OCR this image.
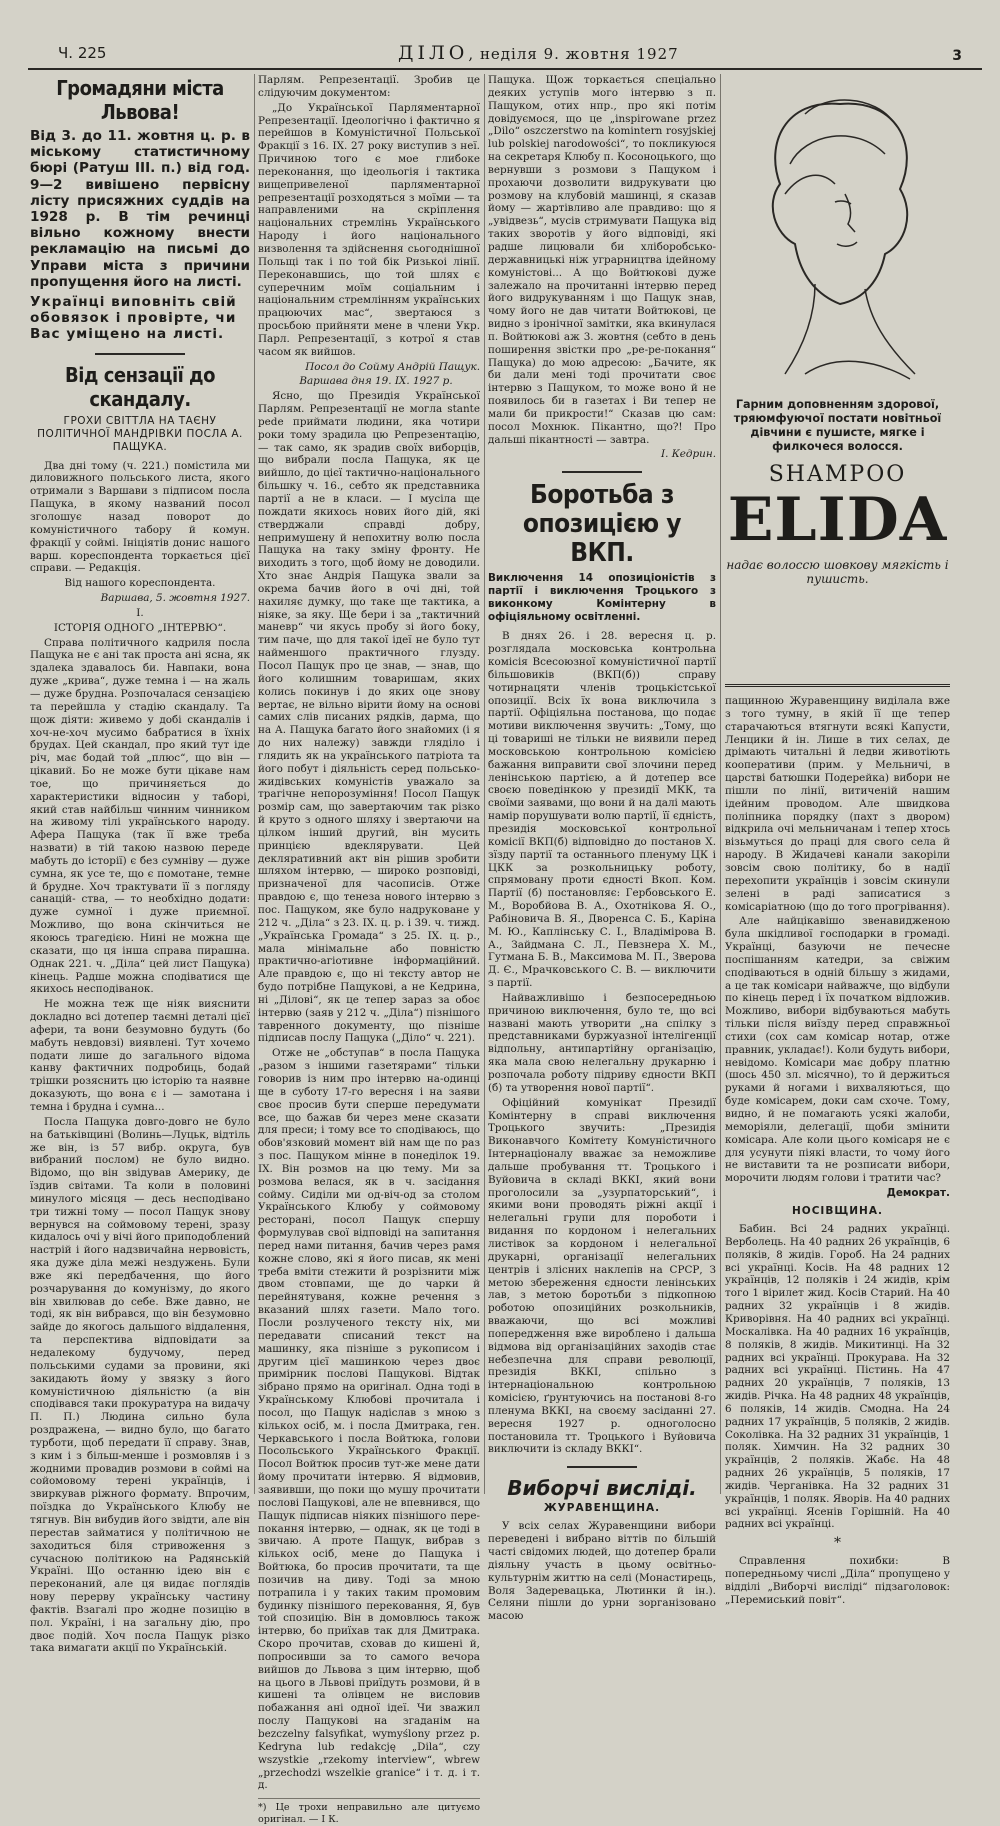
Ч. 225	ДІЛО, неділя 9. жовтня 1927	3
Громадяни міста Львова!
Від 3. до 11. жовтня ц. р. в міському статистичному бюрі (Ратуш III. п.) від год. 9—2 вивішено первісну лісту присяжних суддів на 1928 р. В тім речинці вільно кожному внести рекламацію на письмі до Управи міста з причини пропущення його на листі.
Українці виповніть свій обовязок і провірте, чи Вас умiщено на листі.
Від сензації до скандалу.
ГРОХИ СВІТТЛА НА ТАЄНУ ПОЛІТИЧНОЇ МАНДРІВКИ ПОСЛА А. ПАЩУКА.

Два дні тому (ч. 221.) помістила ми диловижного польського листа, якого отримали з Варшави з підписом посла Пащука, в якому названий посол зголошує назад поворот до комуністичного табору й комун. фракції у соймі. Ініціятів донис нашого варш. кореспондента торкається цієї справи. — Редакція.

Від нашого кореспондента.

Варшава, 5. жовтня 1927.

І.

ІСТОРІЯ ОДНОГО „ІНТЕРВЮ“.

Справа політичного кадриля посла Пащука не є ані так проста ані ясна, як здалека здавалось би. Навпаки, вона дуже „крива“, дуже темна і — на жаль — дуже брудна. Розпочалася сензацією та перейшла у стадію скандалу. Та щож діяти: живемо у добі скандалів і хоч-не-хоч мусимо бабратися в їхніх брудах. Цей скандал, про який тут іде річ, має бодай той „плюс“, що він — цікавий. Бо не може бути цікаве нам тое, що причиняється до характеристики відносин у таборі, який став найбільш чинним чинником на живому тілі українського народу. Афера Пащука (так її вже треба назвати) в тій такою назвою переде мабуть до історії) є без сумніву — дуже сумна, як усе те, що є помотане, темне й брудне. Хоч трактувати її з погляду санацій- ства, — то необхідно додати: дуже сумної і дуже приємної. Можливо, що вона скінчиться не якоюсь трагедією. Нині не можна ще сказати, що ця інша справа пирашна. Однак 221. ч. „Діла“ цей лист Пащука) кінець. Радше можна сподіватися ще якихось несподіванок.

Не можна теж ще ніяк вияснити докладно всі дотепер таємні деталі цієї афери, та вони безумовно будуть (бо мабуть невдовзі) виявлені. Тут хочемо подати лише до загального відома канву фактичних подробиць, бодай трішки розяснить цю історію та наявне доказують, що вона є і — замотана і темна і брудна і сумна...

Посла Пащука довго-довго не було на батьківщині (Волинь—Луцьк, відтіль же він, із 57 вибр. округа, був вибраний послом) не було видно. Відомо, що він звідував Америку, де їздив світами. Та коли в половині минулого місяця — десь несподівано три тижні тому — посол Пащук знову вернувся на соймовому терені, зразу кидалось очі у вічі його приподоблений настрій і його надзвичайна нервовість, яка дуже діла межі нездужень. Були вже які передбачення, що його розчарування до комунізму, до якого він хвилював до себе. Вже давно, не тоді, як він вибрався, що він безумовно зайде до якогось дальшого віддалення, та перспектива відповідати за недалекому будучому, перед польськими судами за провини, які закидають йому у звязку з його комуністичною діяльністю (а він сподівався таки прокуратура на видачу П. П.) Людина сильно була роздражена, — видно було, що багато турботи, щоб передати її справу. Знав, з ким і з більш-менше і розмовляв і з жодними провадив розмови в соймі на сойомовому терені українців, і звиркував ріжного формату. Впрочим, поїздка до Українського Клюбу не тягнув. Він вибудив його звідти, але він перестав займатися у політичною не заходиться біля стривоження з сучасною політикою на Радянській Україні. Що останню ідею він є переконаний, але ця видає поглядів нову перерву українську частину фактів. Взагалі про жодне позицію в пол. Україні, і на загальну дію, про двоє подій. Хоч посла Пащук різко така вимагати акції по Українській.

Парлям. Репрезентації. Зробив це слідуючим документом:

„До Української Парляментарної Репрезентації. Ідеологічно і фактично я перейшов в Комуністичної Польської Фракції з 16. ІХ. 27 року виступив з неї. Причиною того є мое глибоке переконання, що ідеольогія і тактика вищепривеленої парляментарної репрезентації розходяться з моїми — та направленими на скріплення національних стремлінь Українського Народу і його національного визволення та здійснення сьогоднішної Польщі так і по той бік Ризькоі лінії. Переконавшись, що той шлях є суперечним моїм соціальним і національним стремлінням українських працюючих мас“, звертаюся з просьбою прийняти мене в члени Укр. Парл. Репрезентації, з котрої я став часом як вийшов.

Посол до Сойму Андрій Пащук.

Варшава дня 19. ІХ. 1927 р.

Ясно, що Президія Української Парлям. Репрезентації не могла stante pede приймати людини, яка чотири роки тому зрадила цю Репрезентацію, — так само, як зрадив своїх виборців, що вибрали посла Пащука, як це вийшло, до цієї тактично-національного більшку ч. 16., себто як представника партії а не в класи. — І мусіла ще пождати якихось нових його дій, які стверджали справді добру, непримушену й непохитну волю посла Пащука на таку зміну фронту. Не виходить з того, щоб йому не доводили. Хто знає Андрія Пащука звали за окрема бачив його в очі дні, той нахиляє думку, що таке ще тактика, а ніяке, за яку. Ще бери і за „тактичний маневр“ чи якусь пробу зі його боку, тим паче, що для такої ідеї не було тут найменшого практичного глузду. Посол Пащук про це знав, — знав, що його колишним товаришам, яких колись покинув і до яких оце знову вертає, не вільно вірити йому на основі самих слів писаних рядків, дарма, що на А. Пащука багато його знайомих (і я до них належу) завжди глядiло і глядить як на українського патріота та його побут і діяльність серед польсько-жидівських комуністів уважало за трагічне непорозуміння! Посол Пащук розмір сам, що завертаючим так різко й круто з одного шляху і звертаючи на цілком інший другий, він мусить принцією вдеклярувати. Цей декляративний акт він рішив зробити шляхом інтервю, — широко розповіді, призначеної для часописів. Отже правдою є, що тенеза нового інтервю з пос. Пащуком, яке було надруковане у 212 ч. „Діла“ з 23. IX. ц. р. і 39. ч. тижд. „Українська Громада“ з 25. IX. ц. р., мала мінімальне або повністю практично-агіотивне інформаційний. Але правдою є, що ні тексту автор не будо потрібне Пащукові, а не Кедрина, ні „Ділові“, як це тепер зараз за обоє інтервю (заяв у 212 ч. „Діла“) пізнішого тавренного документу, що пізніше підписав послу Пащука („Діло“ ч. 221).

Отже не „обступав“ в посла Пащука „разом з іншими газетярами“ тільки говорив із ним про інтервю на-одинці ще в суботу 17-го вересня і на заяви своє просив бути сперше передумати все, що бажав би через мене сказати для преси; і тому все то сподіваюсь, що обов'язковий момент вій нам ще по раз з пос. Пащуком мінне в понеділок 19. ІХ. Він розмов на цю тему. Ми за розмова велася, як в ч. засідання сойму. Сиділи ми од-віч-од за столом Українського Клюбу у соймовому ресторані, посол Пащук спершу формулував свої відповіді на запитання перед нами питання, бачив через рамя кожне слово, які я його писав, як мені треба вміти стежити й розрізнити між двом стовпами, ще до чарки й перейнятуваня, кожне речення з вказаний шлях газети. Мало того. Посли розлученого тексту ніх, ми передавати списаний текст на машинку, яка пізніше з рукописом і другим цієї машинкою через двоє примірник послові Пащукові. Відтак зібрано прямо на оригінал. Одна тоді в Українському Клюбові прочитала і посол, що Пащук надіслав з мною з кількох осіб, м. і посла Дмитрака, ген. Черкавського і посла Войтюка, голови Посольського Українського Фракції. Посол Войтюк просив тут-же мене дати йому прочитати інтервю. Я відмовив, заявивши, що поки що мушу прочитати послові Пащукові, але не впевнився, що Пащук підписав ніяких пізнішого пере-покання інтервю, — однак, як це тоді в звичаю. А проте Пащук, вибрав з кількох осіб, мене до Пащука і Войтюка, бо просив прочитати, та ще позичив на диву. Тоді за мною потрапила і у таких таким промовим будинку пізнішого перековання, Я, був той спозицію. Він в домовлюсь також інтервю, бо приїхав так для Дмитрака. Скоро прочитав, сховав до кишені й, попросивши за то самого вечора вийшов до Львова з цим інтервю, щоб на цього в Львові приїдуть розмови, й в кишені та олівцем не висловив побажання ані одної ідеї. Чи зважил послу Пащукові на згаданім на bezczelny falsyfikat, wymyślony przez p. Kedryna lub redakcję „Dila“, czy wszystkie „rzekomy interview“, wbrew „przechodzi wszelkie granice“ і т. д. і т. д.

*) Це трохи неправильно але цитуємо оригінал. — І К.

Пащука. Щож торкається спеціально деяких уступів мого інтервю з п. Пащуком, отих нпр., про які потім довідуємося, що це „inspirowane przez „Dilo“ oszczerstwo na komintern rosyjskiej lub polskiej narodowości“, то покликуюся на секретаря Клюбу п. Косоноцького, що вернувши з розмови з Пащуком і прохаючи дозволити видрукувати цю розмову на клубовій машинці, я сказав йому — жартівливо але правдиво: що я „увідвезь“, мусів стримувати Пащука від таких зворотів у його відповіді, які радше лицювали би хліборобсько-державницькі ніж уграрництва ідейному комуністові... А що Войтюкові дуже залежало на прочитанні інтервю перед його видрукуванням і що Пащук знав, чому його не дав читати Войтюкові, це видно з іронічної замітки, яка вкинулася п. Войтюкові аж 3. жовтня (себто в день поширення звістки про „ре-ре-покання“ Пащука) до мою адресою: „Бачите, як би дали мені тоді прочитати своє інтервю з Пащуком, то може воно й не появилось би в газетах і Ви тепер не мали би прикрости!“ Сказав цю сам: посол Мохнюк. Пікантно, що?! Про дальші пікантності — завтра.

І. Кедрин.

Боротьба з опозицією у ВКП.
Виключення 14 опозиціоністів з партії і виключення Троцького з виконкому Комінтерну в офіціяльному освітленні.

В днях 26. і 28. вересня ц. р. розглядала московська контрольна комісія Всесоюзної комуністичної партії більшовиків (ВКП(б)) справу чотирнацяти членів троцькістської опозиції. Всіх їх вона виключила з партії. Офіціяльна постанова, що подає мотиви виключення звучить: „Тому, що ці товариші не тільки не виявили перед московською контрольною комісією бажання виправити свої злочини перед ленінською партією, а й дотепер все своєю поведінкою у президії МКК, та своїми заявами, що вони й на далі мають намір порушувати волю партії, її єдність, президія московської контрольної комісії ВКП(б) відповідно до постанов Х. зїзду партії та останнього пленуму ЦК і ЦКК за розкольницьку роботу, спрямовану проти єдності Вкоп. Ком. Партії (б) постановляє: Гербовського Е. М., Воробйова В. А., Охотнікова Я. О., Рабіновича В. Я., Двоpeнса С. Б., Каріна М. Ю., Каплінську С. І., Владімірова В. А., Зайдмана С. Л., Певзнера Х. М., Гутмана Б. В., Максимова М. П., Зверова Д. Є., Мрачковського С. В. — виключити з партії.

Найважливішо і безпосередньою причиною виключення, було те, що всі названі мають утворити „на спілку з представниками буржуазної інтелігенції відпольну, антипартійну організацію, яка мала свою нелегальну друкарню і розпочала роботу підриву єдности ВКП (б) та утворення нової партії“.

Офіційний комунікат Президії Комінтерну в справі виключення Троцького звучить: „Президія Виконавчого Комітету Комуністичного Інтернаціоналу вважає за неможливе дальше пробування тт. Троцького і Вуйовича в складі ВККІ, який вони проголосили за „узурпаторський“, і якими вони проводять ріжні акції і нелегальні групи для пороботи і видання по кордоном і нелегальних листівок за кордоном і нелегальної друкарні, організації нелегальних центрів і злісних наклепів на СРСР, З метою збереження єдности ленінських лав, з метою боротьби з підкопною роботою опозиційних розкольників, вважаючи, що всі можливі попередження вже вироблено і дальша відмова від організаційних заходів стає небезпечна для справи революції, президія ВККІ, спільно з інтернаціональною контрольною комісією, ґрунтуючись на постанові 8-го пленума ВККІ, на своєму засіданні 27. вересня 1927 р. одноголосно постановила тт. Троцького і Вуйовича виключити із складу ВККІ“.

Виборчі вислідi.
ЖУРАВЕНЩИНА.

У всіх селах Журавенщини вибори переведені і вибрано віттів по більшій часті свідомих людей, що дотепер брали діяльну участь в цьому освітньо-культурнім життю на селі (Монастирець, Воля Задеревацька, Лютинки й ін.). Селяни пішли до урни зорганізовано масою

Гарним доповненням здорової, тряюмфуючої постати новітньої дівчини є пушисте, мягке і филкочеся волосся.
SHAMPOO
ELIDA
надає волоссю шовкову мягкість і пушисть.

пащинною Журавенщину виділала вже з того тумну, в якій її ще тепер старачаються втягнути всякі Капусти, Ленцики й ін. Лише в тих селах, де дрімають читальні й ледви животіють кооперативи (прим. у Мельничі, в царстві батюшки Подерейка) вибори не пішли по лінії, витиченій нашим ідейним проводом. Але швидкова поліпника порядку (пахт з двором) відкрила очі мельничанам і тепер хтось візьмуться до праці для свого села й народу. В Жидачеві канали закоріли зовсім свою політику, бо в надії перехопити українців і зовсім скинули зелені в раді записатися з комісаріатною (що до того прогрівання).

Але найцікавішо звенавидженою була шкідливої господарки в громаді. Українці, базуючи не печесне поспішанням катедри, за свіжим сподіваються в одній більшу з жидами, а це так комісари найважче, що відбули по кінець перед і їх початком відложив. Можливо, вибори відбуваються мабуть тільки після виїзду перед справжньої стихи (сох сам комісар нотар, отже правник, укладає!). Коли будуть вибори, невідомо. Комісари має добру платню (шось 450 зл. місячно), то й держиться руками й ногами і вихваляються, що буде комісарем, доки сам схоче. Тому, видно, й не помагають усякі жалоби, меморіяли, делегації, щоби змінити комісара. Але коли цього комісаря не є для усунути піякі власти, то чому його не виставити та не розписати вибори, морочити людям голови і тратити час?

Демократ.
НОСІВЩИНА.

Бабин. Всі 24 радних українці. Верболець. На 40 радних 26 українців, 6 поляків, 8 жидів. Гороб. На 24 радних всі українці. Косів. На 48 радних 12 українців, 12 поляків і 24 жидів, крім того 1 вірилет жид. Косів Старий. На 40 радних 32 українців і 8 жидів. Криворівня. На 40 радних всі українці. Москалівка. На 40 радних 16 українців, 8 поляків, 8 жидів. Микитинці. На 32 радних всі українці. Прокурава. На 32 радних всі українці. Пістинь. На 47 радних 20 українців, 7 поляків, 13 жидів. Річка. На 48 радних 48 українців, 6 поляків, 14 жидів. Смодна. На 24 радних 17 українців, 5 поляків, 2 жидів. Соколівка. На 32 радних 31 українців, 1 поляк. Химчин. На 32 радних 30 українців, 2 поляків. Жабє. На 48 радних 26 українців, 5 поляків, 17 жидів. Черганівка. На 32 радних 31 українців, 1 поляк. Яворів. На 40 радних всі українці. Ясенів Горішній. На 40 радних всі українці.

*

Справлення похибки: В попередньому числі „Діла“ пропущено у відділі „Виборчі вислідi“ підзаголовок: „Перемиський повіт“.
